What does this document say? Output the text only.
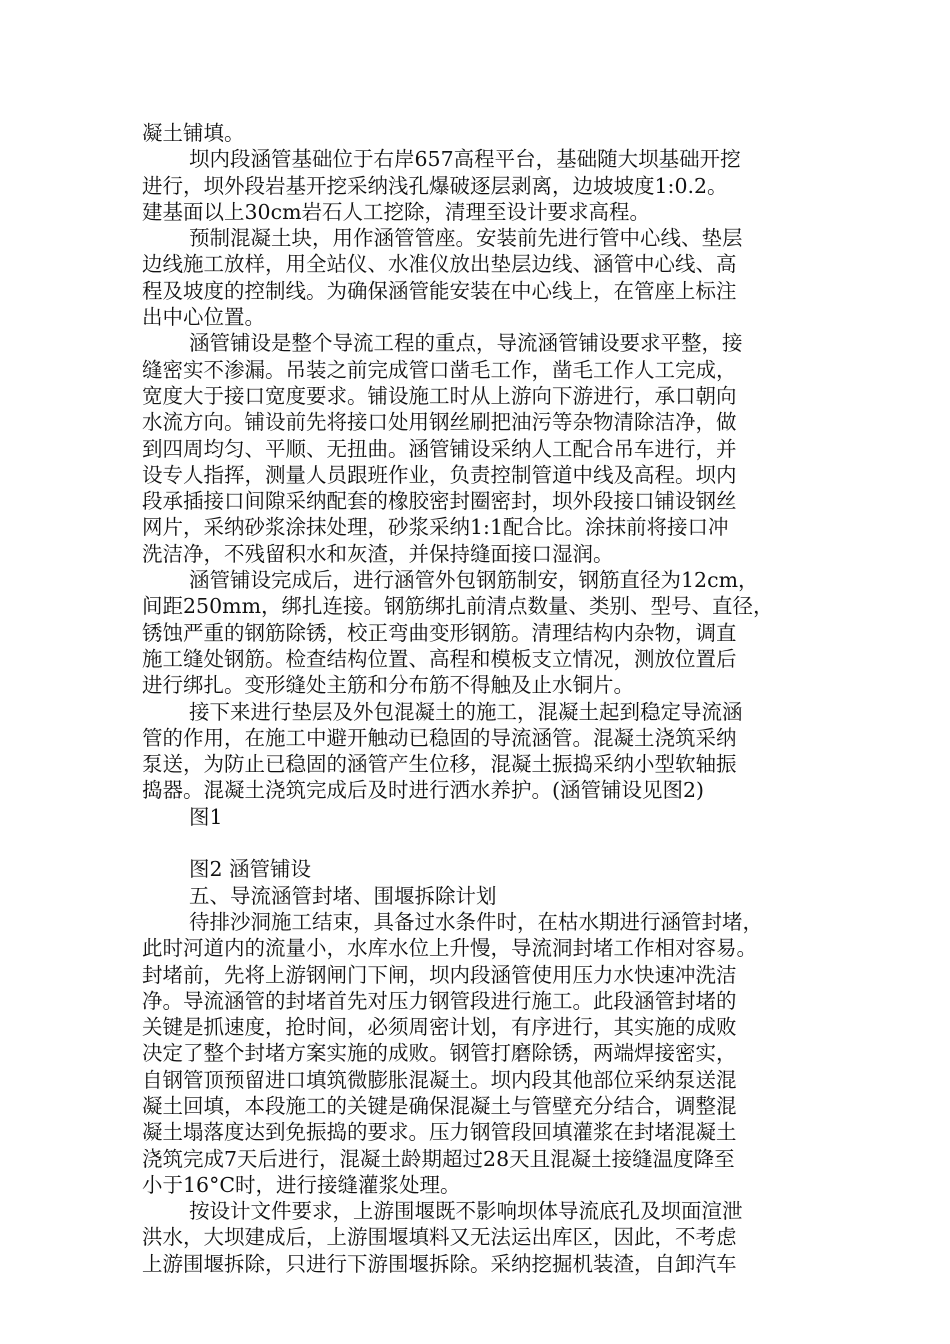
凝土铺填。
坝内段涵管基础位于右岸657高程平台，基础随大坝基础开挖
进行，坝外段岩基开挖采纳浅孔爆破逐层剥离，边坡坡度1:0.2。
建基面以上30cm岩石人工挖除，清理至设计要求高程。
预制混凝土块，用作涵管管座。安装前先进行管中心线、垫层
边线施工放样，用全站仪、水准仪放出垫层边线、涵管中心线、高
程及坡度的控制线。为确保涵管能安装在中心线上，在管座上标注
出中心位置。
涵管铺设是整个导流工程的重点，导流涵管铺设要求平整，接
缝密实不渗漏。吊装之前完成管口凿毛工作，凿毛工作人工完成，
宽度大于接口宽度要求。铺设施工时从上游向下游进行，承口朝向
水流方向。铺设前先将接口处用钢丝刷把油污等杂物清除洁净，做
到四周均匀、平顺、无扭曲。涵管铺设采纳人工配合吊车进行，并
设专人指挥，测量人员跟班作业，负责控制管道中线及高程。坝内
段承插接口间隙采纳配套的橡胶密封圈密封，坝外段接口铺设钢丝
网片，采纳砂浆涂抹处理，砂浆采纳1:1配合比。涂抹前将接口冲
洗洁净，不残留积水和灰渣，并保持缝面接口湿润。
涵管铺设完成后，进行涵管外包钢筋制安，钢筋直径为12cm，
间距250mm，绑扎连接。钢筋绑扎前清点数量、类别、型号、直径，
锈蚀严重的钢筋除锈，校正弯曲变形钢筋。清理结构内杂物，调直
施工缝处钢筋。检查结构位置、高程和模板支立情况，测放位置后
进行绑扎。变形缝处主筋和分布筋不得触及止水铜片。
接下来进行垫层及外包混凝土的施工，混凝土起到稳定导流涵
管的作用，在施工中避开触动已稳固的导流涵管。混凝土浇筑采纳
泵送，为防止已稳固的涵管产生位移，混凝土振捣采纳小型软轴振
捣器。混凝土浇筑完成后及时进行洒水养护。(涵管铺设见图2)
图1
图2 涵管铺设
五、导流涵管封堵、围堰拆除计划
待排沙洞施工结束，具备过水条件时，在枯水期进行涵管封堵，
此时河道内的流量小，水库水位上升慢，导流洞封堵工作相对容易。
封堵前，先将上游钢闸门下闸，坝内段涵管使用压力水快速冲洗洁
净。导流涵管的封堵首先对压力钢管段进行施工。此段涵管封堵的
关键是抓速度，抢时间，必须周密计划，有序进行，其实施的成败
决定了整个封堵方案实施的成败。钢管打磨除锈，两端焊接密实，
自钢管顶预留进口填筑微膨胀混凝土。坝内段其他部位采纳泵送混
凝土回填，本段施工的关键是确保混凝土与管壁充分结合，调整混
凝土塌落度达到免振捣的要求。压力钢管段回填灌浆在封堵混凝土
浇筑完成7天后进行，混凝土龄期超过28天且混凝土接缝温度降至
小于16°C时，进行接缝灌浆处理。
按设计文件要求，上游围堰既不影响坝体导流底孔及坝面渲泄
洪水，大坝建成后，上游围堰填料又无法运出库区，因此，不考虑
上游围堰拆除，只进行下游围堰拆除。采纳挖掘机装渣，自卸汽车
